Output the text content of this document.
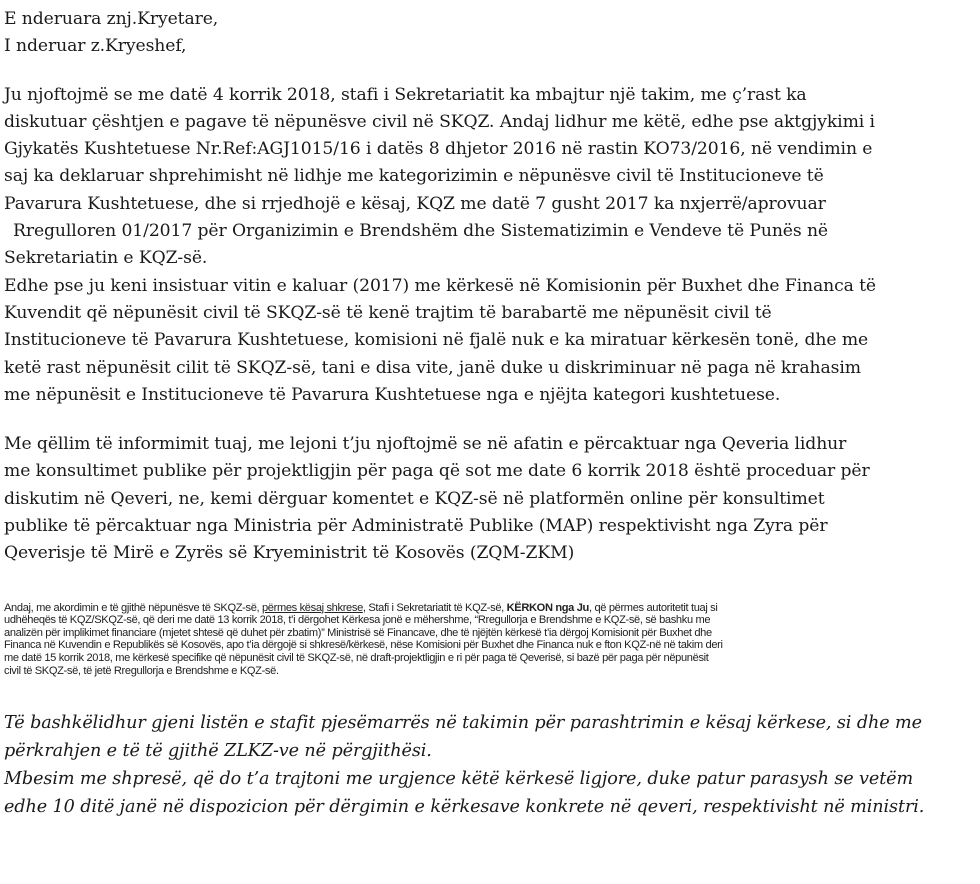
E nderuara znj.Kryetare,
I nderuar z.Kryeshef,
Ju njoftojmë se me datë 4 korrik 2018, stafi i Sekretariatit ka mbajtur një takim, me ç’rast ka
diskutuar çështjen e pagave të nëpunësve civil në SKQZ. Andaj lidhur me këtë, edhe pse aktgjykimi i
Gjykatës Kushtetuese Nr.Ref:AGJ1015/16 i datës 8 dhjetor 2016 në rastin KO73/2016, në vendimin e
saj ka deklaruar shprehimisht në lidhje me kategorizimin e nëpunësve civil të Institucioneve të
Pavarura Kushtetuese, dhe si rrjedhojë e kësaj, KQZ me datë 7 gusht 2017 ka nxjerrë/aprovuar
Rregulloren 01/2017 për Organizimin e Brendshëm dhe Sistematizimin e Vendeve të Punës në
Sekretariatin e KQZ-së.
Edhe pse ju keni insistuar vitin e kaluar (2017) me kërkesë në Komisionin për Buxhet dhe Financa të
Kuvendit që nëpunësit civil të SKQZ-së të kenë trajtim të barabartë me nëpunësit civil të
Institucioneve të Pavarura Kushtetuese, komisioni në fjalë nuk e ka miratuar kërkesën tonë, dhe me
ketë rast nëpunësit cilit të SKQZ-së, tani e disa vite, janë duke u diskriminuar në paga në krahasim
me nëpunësit e Institucioneve të Pavarura Kushtetuese nga e njëjta kategori kushtetuese.
Me qëllim të informimit tuaj, me lejoni t’ju njoftojmë se në afatin e përcaktuar nga Qeveria lidhur
me konsultimet publike për projektligjin për paga që sot me date 6 korrik 2018 është proceduar për
diskutim në Qeveri, ne, kemi dërguar komentet e KQZ-së në platformën online për konsultimet
publike të përcaktuar nga Ministria për Administratë Publike (MAP) respektivisht nga Zyra për
Qeverisje të Mirë e Zyrës së Kryeministrit të Kosovës (ZQM-ZKM)
Andaj, me akordimin e të gjithë nëpunësve të SKQZ-së, përmes kësaj shkrese, Stafi i Sekretariatit të KQZ-së, KËRKON nga Ju, që përmes autoritetit tuaj si
udhëheqës të KQZ/SKQZ-së, që deri me datë 13 korrik 2018, t’i dërgohet Kërkesa jonë e mëhershme, “Rregullorja e Brendshme e KQZ-së, së bashku me
analizën për implikimet financiare (mjetet shtesë që duhet për zbatim)” Ministrisë së Financave, dhe të njëjtën kërkesë t’ia dërgoj Komisionit për Buxhet dhe
Financa në Kuvendin e Republikës së Kosovës, apo t’ia dërgojë si shkresë/kërkesë, nëse Komisioni për Buxhet dhe Financa nuk e fton KQZ-në në takim deri
me datë 15 korrik 2018, me kërkesë specifike që nëpunësit civil të SKQZ-së, në draft-projektligjin e ri për paga të Qeverisë, si bazë për paga për nëpunësit
civil të SKQZ-së, të jetë Rregullorja e Brendshme e KQZ-së.
Të bashkëlidhur gjeni listën e stafit pjesëmarrës në takimin për parashtrimin e kësaj kërkese, si dhe me
përkrahjen e të të gjithë ZLKZ-ve në përgjithësi.
Mbesim me shpresë, që do t’a trajtoni me urgjence këtë kërkesë ligjore, duke patur parasysh se vetëm
edhe 10 ditë janë në dispozicion për dërgimin e kërkesave konkrete në qeveri, respektivisht në ministri.
